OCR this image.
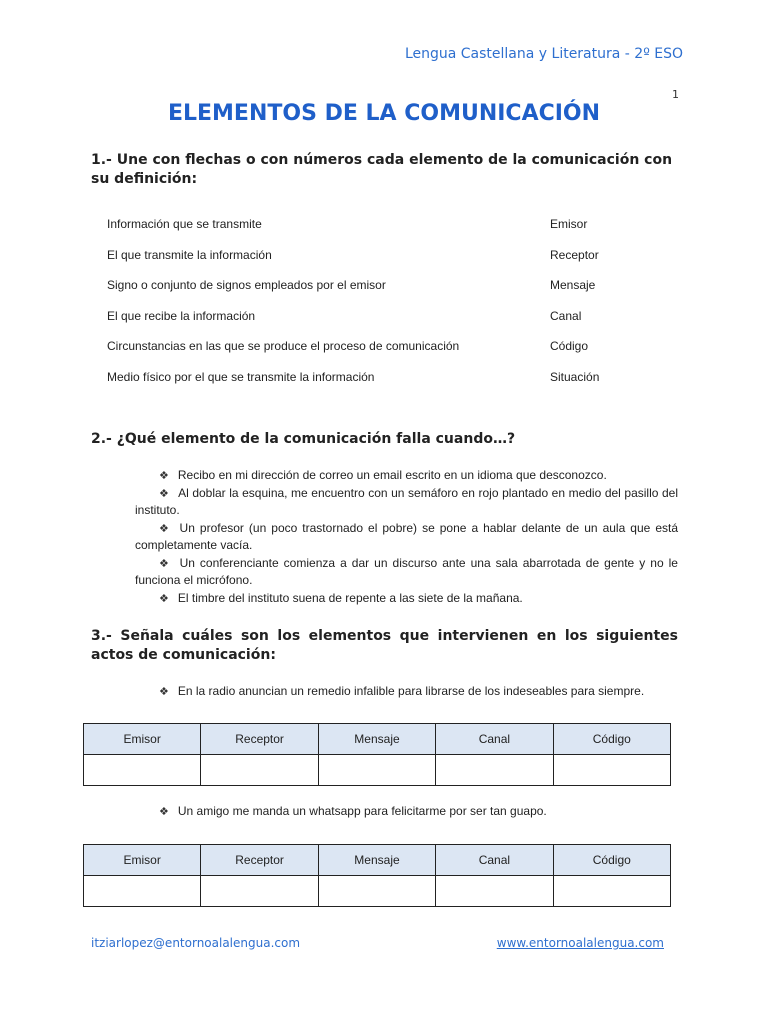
Lengua Castellana y Literatura - 2º ESO
1
ELEMENTOS DE LA COMUNICACIÓN
1.- Une con flechas o con números cada elemento de la comunicación con su definición:
Información que se transmite	Emisor
El que transmite la información	Receptor
Signo o conjunto de signos empleados por el emisor	Mensaje
El que recibe la información	Canal
Circunstancias en las que se produce el proceso de comunicación	Código
Medio físico por el que se transmite la información	Situación
2.- ¿Qué elemento de la comunicación falla cuando…?
❖ Recibo en mi dirección de correo un email escrito en un idioma que desconozco.
❖ Al doblar la esquina, me encuentro con un semáforo en rojo plantado en medio del pasillo del instituto.
❖ Un profesor (un poco trastornado el pobre) se pone a hablar delante de un aula que está completamente vacía.
❖ Un conferenciante comienza a dar un discurso ante una sala abarrotada de gente y no le funciona el micrófono.
❖ El timbre del instituto suena de repente a las siete de la mañana.
3.- Señala cuáles son los elementos que intervienen en los siguientes actos de comunicación:
❖ En la radio anuncian un remedio infalible para librarse de los indeseables para siempre.
Emisor	Receptor	Mensaje	Canal	Código

❖ Un amigo me manda un whatsapp para felicitarme por ser tan guapo.
Emisor	Receptor	Mensaje	Canal	Código

itziarlopez@entornoalalengua.com	www.entornoalalengua.com
